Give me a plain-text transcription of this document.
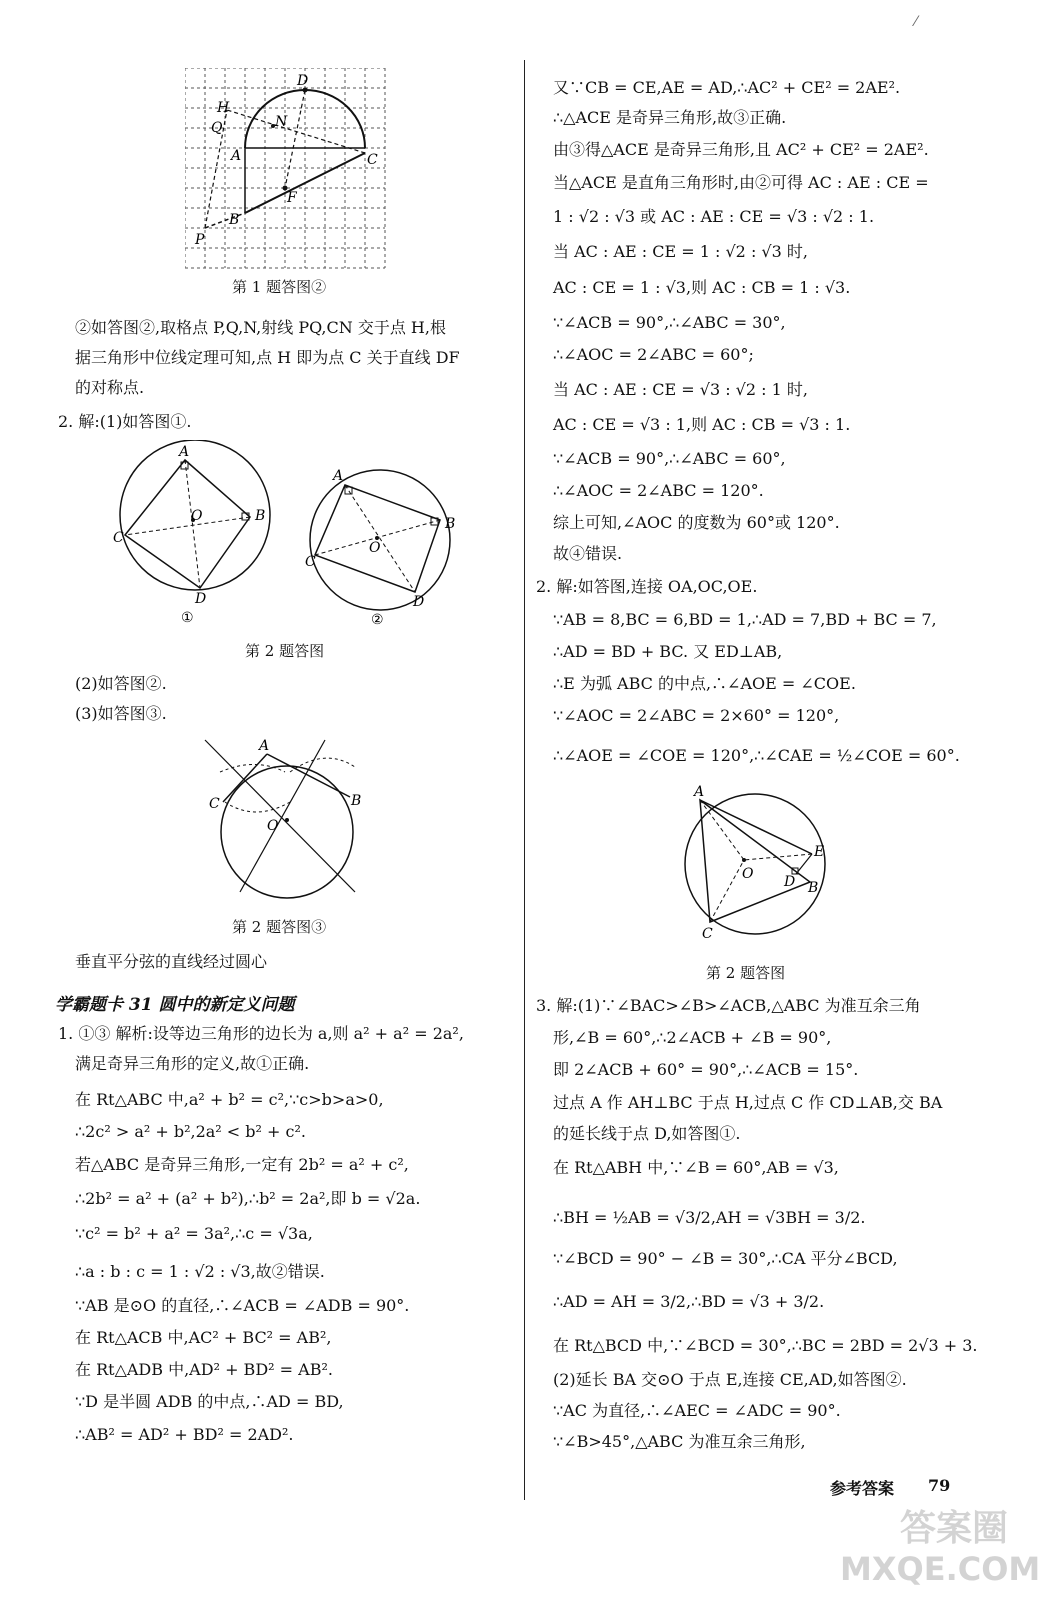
⁄
D
H
Q	N
A	C
F
B
P
第 1 题答图②
②如答图②,取格点 P,Q,N,射线 PQ,CN 交于点 H,根
据三角形中位线定理可知,点 H 即为点 C 关于直线 DF
的对称点.
2. 解:(1)如答图①.
A
B
C
D
O
①
A
B
C
D
O
②
第 2 题答图
(2)如答图②.
(3)如答图③.
A
B
C
O
第 2 题答图③
垂直平分弦的直线经过圆心
学霸题卡 31 圆中的新定义问题
1. ①③ 解析:设等边三角形的边长为 a,则 a² + a² = 2a²,
满足奇异三角形的定义,故①正确.
在 Rt△ABC 中,a² + b² = c²,∵c>b>a>0,
∴2c² > a² + b²,2a² < b² + c².
若△ABC 是奇异三角形,一定有 2b² = a² + c²,
∴2b² = a² + (a² + b²),∴b² = 2a²,即 b = √2a.
∵c² = b² + a² = 3a²,∴c = √3a,
∴a : b : c = 1 : √2 : √3,故②错误.
∵AB 是⊙O 的直径,∴∠ACB = ∠ADB = 90°.
在 Rt△ACB 中,AC² + BC² = AB²,
在 Rt△ADB 中,AD² + BD² = AB².
∵D 是半圆 ADB 的中点,∴AD = BD,
∴AB² = AD² + BD² = 2AD².
又∵CB = CE,AE = AD,∴AC² + CE² = 2AE².
∴△ACE 是奇异三角形,故③正确.
由③得△ACE 是奇异三角形,且 AC² + CE² = 2AE².
当△ACE 是直角三角形时,由②可得 AC : AE : CE =
1 : √2 : √3 或 AC : AE : CE = √3 : √2 : 1.
当 AC : AE : CE = 1 : √2 : √3 时,
AC : CE = 1 : √3,则 AC : CB = 1 : √3.
∵∠ACB = 90°,∴∠ABC = 30°,
∴∠AOC = 2∠ABC = 60°;
当 AC : AE : CE = √3 : √2 : 1 时,
AC : CE = √3 : 1,则 AC : CB = √3 : 1.
∵∠ACB = 90°,∴∠ABC = 60°,
∴∠AOC = 2∠ABC = 120°.
综上可知,∠AOC 的度数为 60°或 120°.
故④错误.
2. 解:如答图,连接 OA,OC,OE.
∵AB = 8,BC = 6,BD = 1,∴AD = 7,BD + BC = 7,
∴AD = BD + BC. 又 ED⊥AB,
∴E 为弧 ABC 的中点,∴∠AOE = ∠COE.
∵∠AOC = 2∠ABC = 2×60° = 120°,
∴∠AOE = ∠COE = 120°,∴∠CAE = ½∠COE = 60°.
A
E
O D B
C
第 2 题答图
3. 解:(1)∵∠BAC>∠B>∠ACB,△ABC 为准互余三角
形,∠B = 60°,∴2∠ACB + ∠B = 90°,
即 2∠ACB + 60° = 90°,∴∠ACB = 15°.
过点 A 作 AH⊥BC 于点 H,过点 C 作 CD⊥AB,交 BA
的延长线于点 D,如答图①.
在 Rt△ABH 中,∵∠B = 60°,AB = √3,
∴BH = ½AB = √3/2,AH = √3BH = 3/2.
∵∠BCD = 90° − ∠B = 30°,∴CA 平分∠BCD,
∴AD = AH = 3/2,∴BD = √3 + 3/2.
在 Rt△BCD 中,∵∠BCD = 30°,∴BC = 2BD = 2√3 + 3.
(2)延长 BA 交⊙O 于点 E,连接 CE,AD,如答图②.
∵AC 为直径,∴∠AEC = ∠ADC = 90°.
∵∠B>45°,△ABC 为准互余三角形,
参考答案 79
答案圈
MXQE.COM
